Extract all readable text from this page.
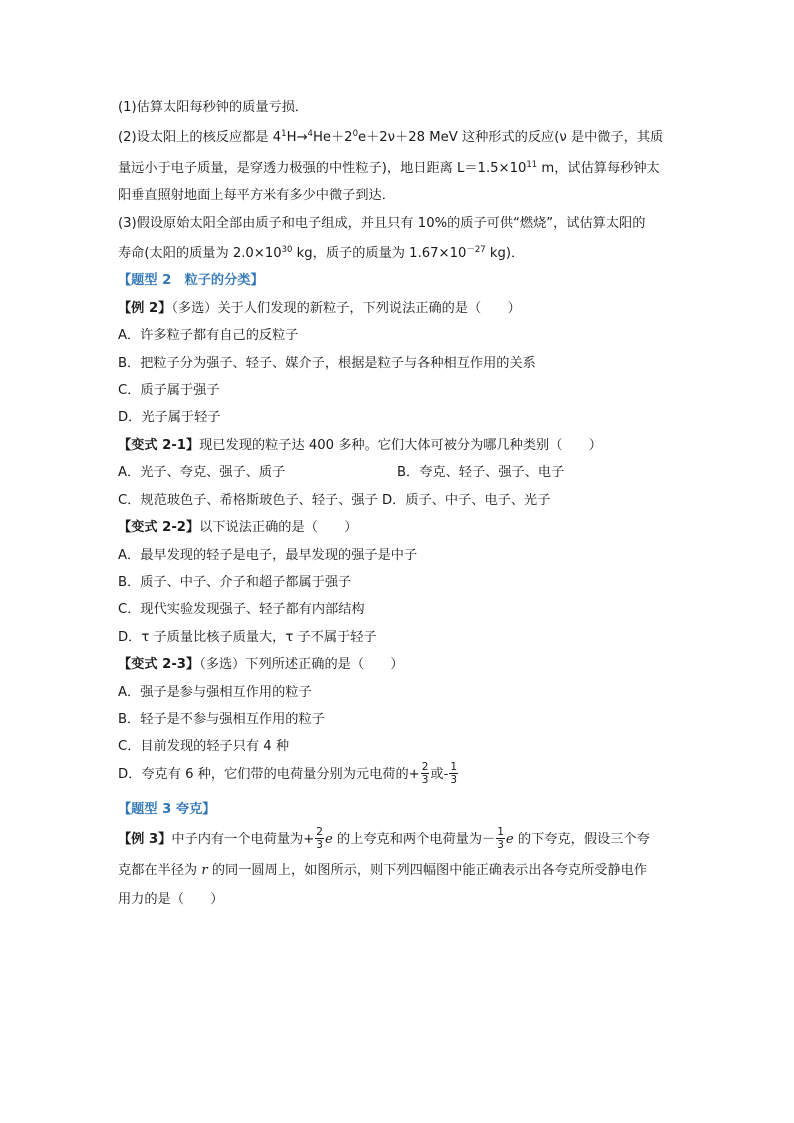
(1)估算太阳每秒钟的质量亏损．
(2)设太阳上的核反应都是 $4^1H\to^4He+2^0e+2\nu+28$ MeV 这种形式的反应(ν 是中微子，其质
量远小于电子质量，是穿透力极强的中性粒子)，地日距离 $L=1.5\times 10^{11}$ m，试估算每秒钟太
阳垂直照射地面上每平方米有多少中微子到达．
(3)假设原始太阳全部由质子和电子组成，并且只有 10%的质子可供“燃烧”，试估算太阳的
寿命(太阳的质量为 $2.0\times 10^{30}$ kg，质子的质量为 $1.67\times 10^{-27}$ kg)．
【题型 2　粒子的分类】
【例 2】（多选）关于人们发现的新粒子，下列说法正确的是（　　）
A．许多粒子都有自己的反粒子
B．把粒子分为强子、轻子、媒介子，根据是粒子与各种相互作用的关系
C．质子属于强子
D．光子属于轻子
【变式 2-1】现已发现的粒子达 400 多种。它们大体可被分为哪几种类别（　　）
A．光子、夸克、强子、质子	B．夸克、轻子、强子、电子
C．规范玻色子、希格斯玻色子、轻子、强子 D．质子、中子、电子、光子
【变式 2-2】以下说法正确的是（　　）
A．最早发现的轻子是电子，最早发现的强子是中子
B．质子、中子、介子和超子都属于强子
C．现代实验发现强子、轻子都有内部结构
D．τ 子质量比核子质量大，τ 子不属于轻子
【变式 2-3】（多选）下列所述正确的是（　　）
A．强子是参与强相互作用的粒子
B．轻子是不参与强相互作用的粒子
C．目前发现的轻子只有 4 种
D．夸克有 6 种，它们带的电荷量分别为元电荷的+ $\frac{2}{3}$ 或- $\frac{1}{3}$
【题型 3 夸克】
【例 3】中子内有一个电荷量为+ $\frac{2}{3}$ e 的上夸克和两个电荷量为－ $\frac{1}{3}$ e 的下夸克，假设三个夸
克都在半径为 r 的同一圆周上，如图所示，则下列四幅图中能正确表示出各夸克所受静电作
用力的是（　　）
